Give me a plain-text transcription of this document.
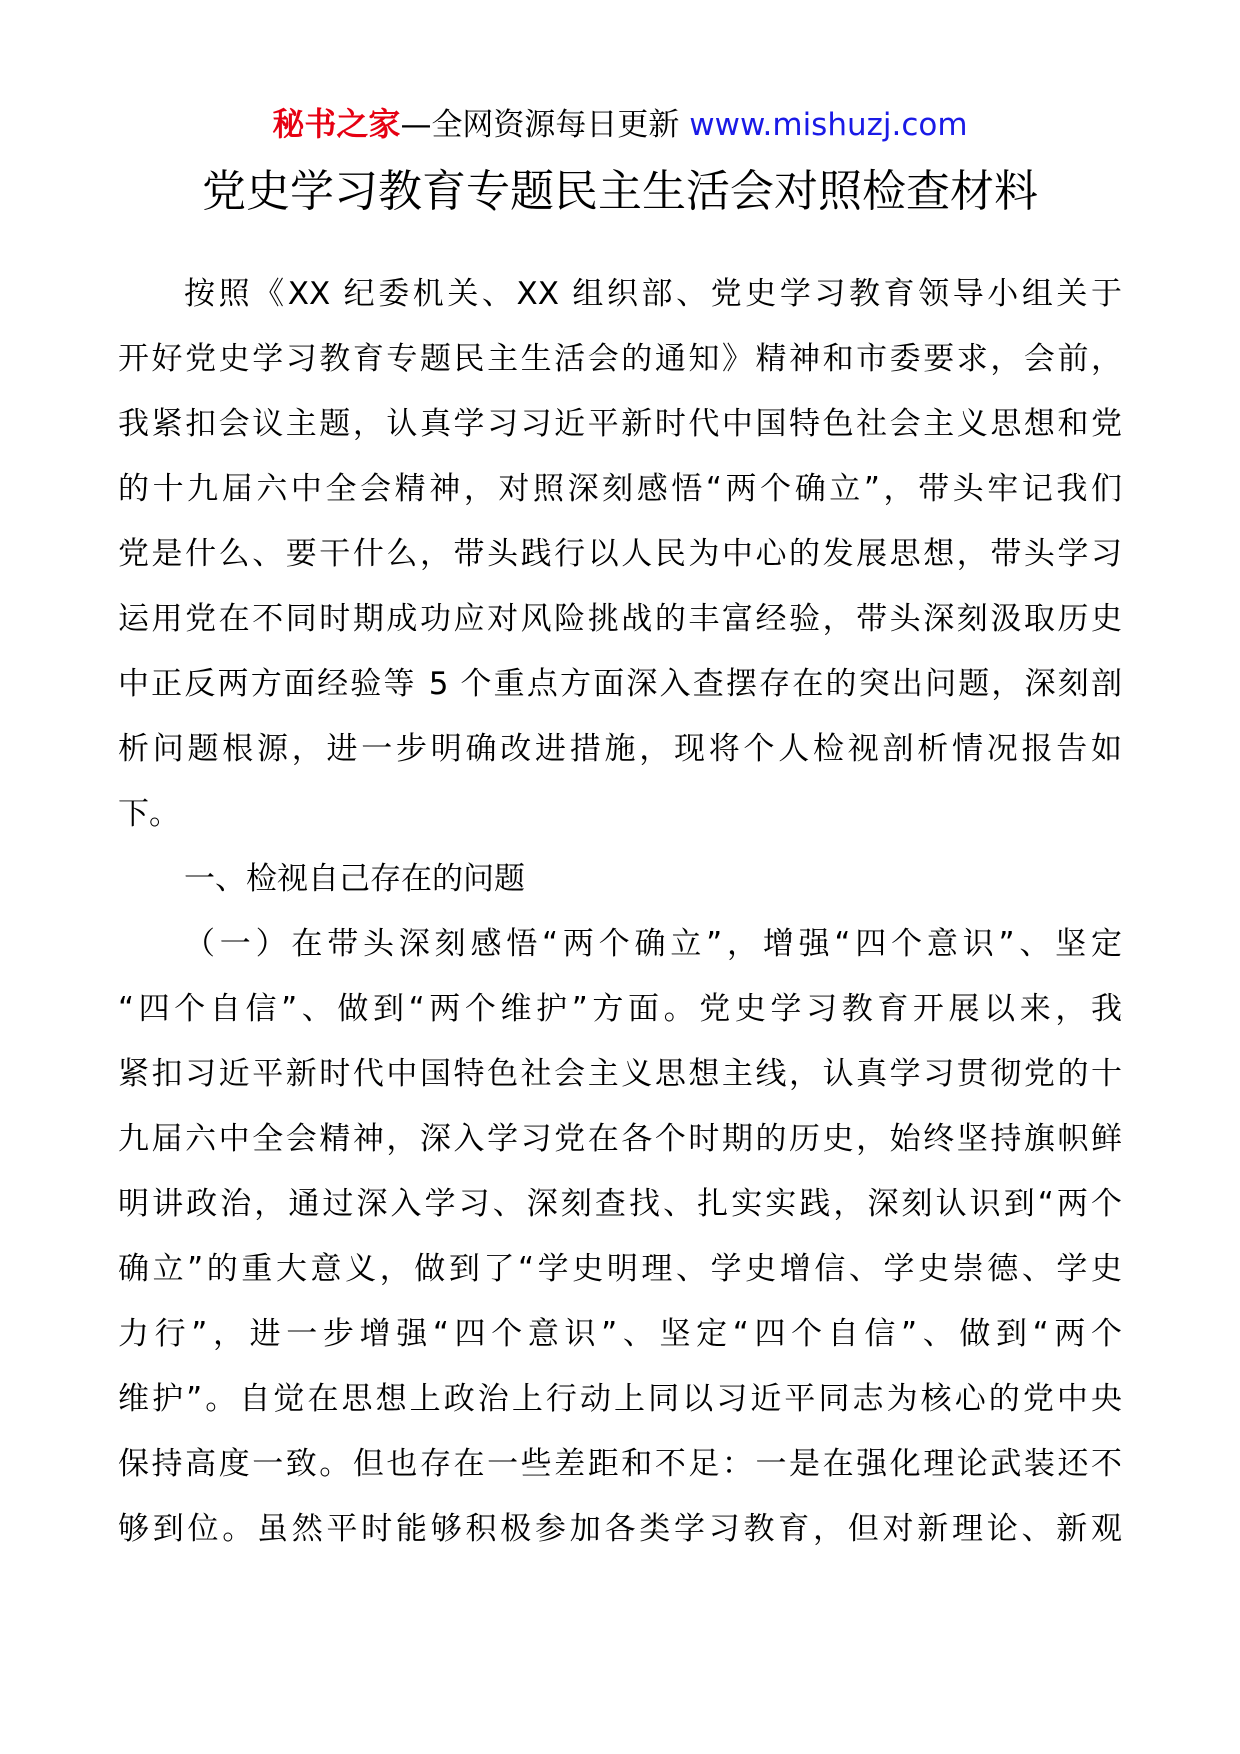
秘书之家—全网资源每日更新 www.mishuzj.com
党史学习教育专题民主生活会对照检查材料
按照《XX 纪委机关、XX 组织部、党史学习教育领导小组关于
开好党史学习教育专题民主生活会的通知》精神和市委要求，会前，
我紧扣会议主题，认真学习习近平新时代中国特色社会主义思想和党
的十九届六中全会精神，对照深刻感悟“两个确立”，带头牢记我们
党是什么、要干什么，带头践行以人民为中心的发展思想，带头学习
运用党在不同时期成功应对风险挑战的丰富经验，带头深刻汲取历史
中正反两方面经验等 5 个重点方面深入查摆存在的突出问题，深刻剖
析问题根源，进一步明确改进措施，现将个人检视剖析情况报告如
下。
一、检视自己存在的问题
（一）在带头深刻感悟“两个确立”，增强“四个意识”、坚定
“四个自信”、做到“两个维护”方面。党史学习教育开展以来，我
紧扣习近平新时代中国特色社会主义思想主线，认真学习贯彻党的十
九届六中全会精神，深入学习党在各个时期的历史，始终坚持旗帜鲜
明讲政治，通过深入学习、深刻查找、扎实实践，深刻认识到“两个
确立”的重大意义，做到了“学史明理、学史增信、学史崇德、学史
力行”，进一步增强“四个意识”、坚定“四个自信”、做到“两个
维护”。自觉在思想上政治上行动上同以习近平同志为核心的党中央
保持高度一致。但也存在一些差距和不足：一是在强化理论武装还不
够到位。虽然平时能够积极参加各类学习教育，但对新理论、新观
